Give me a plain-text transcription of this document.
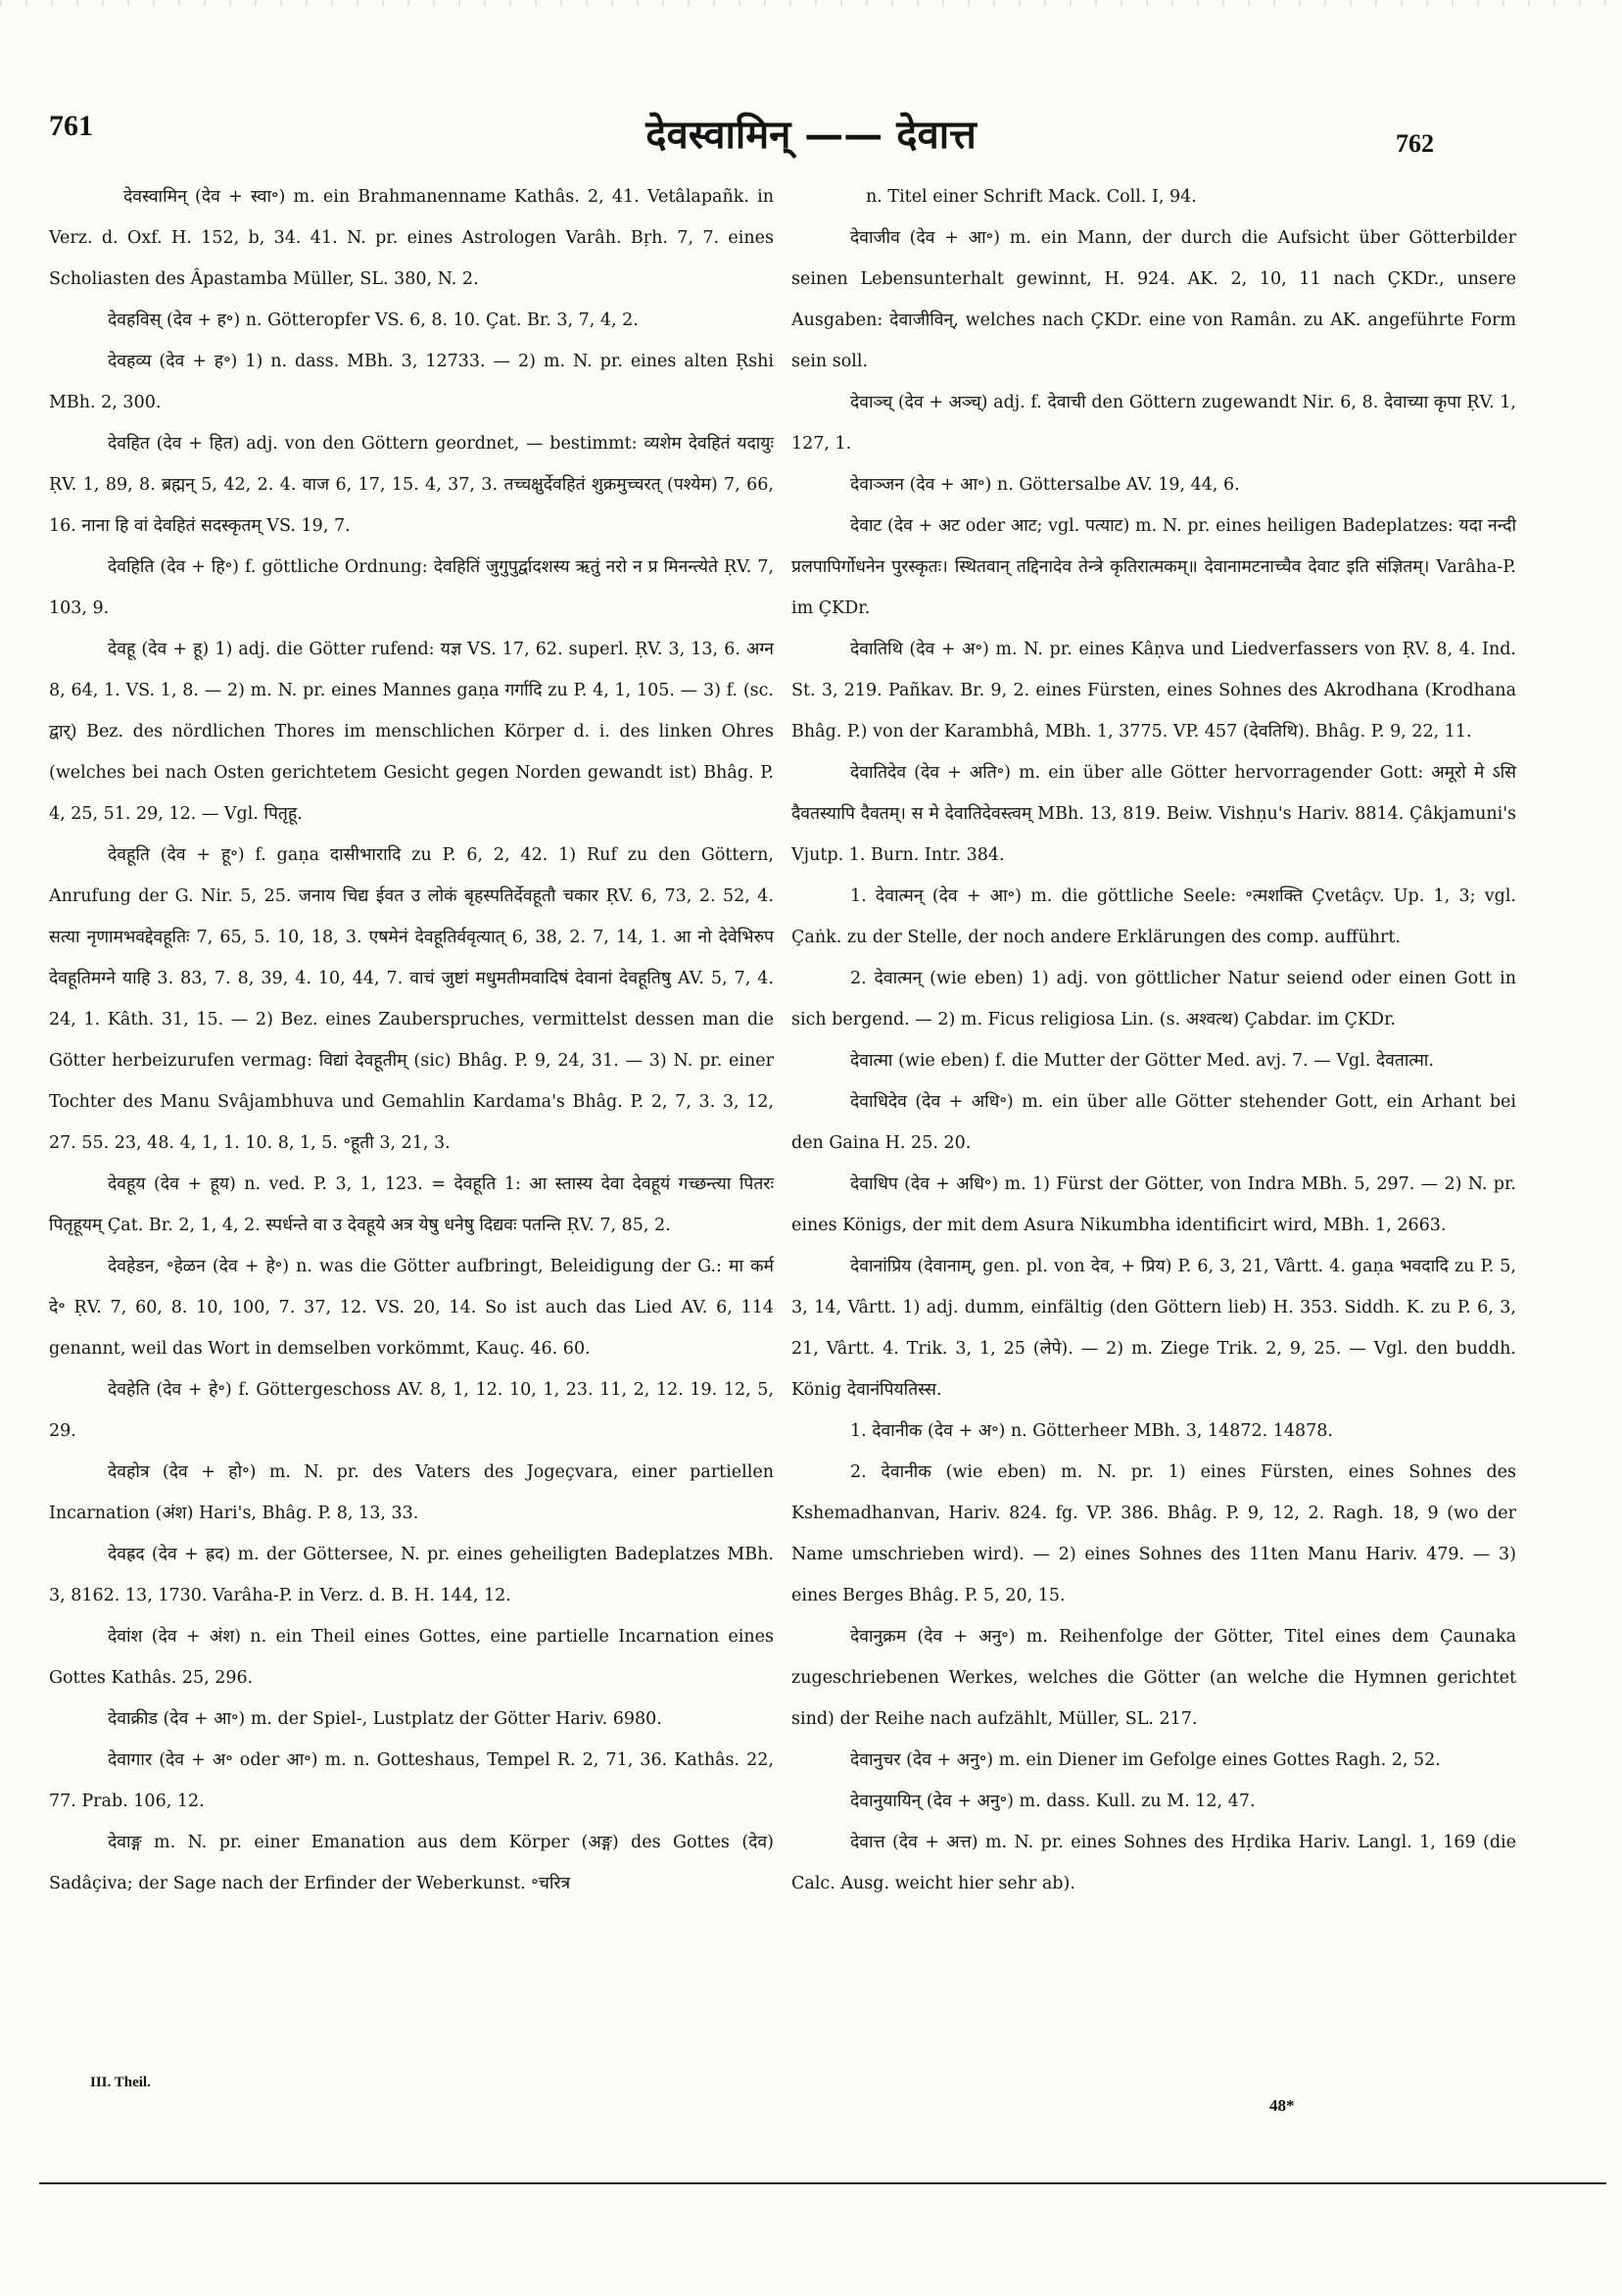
761	देवस्वामिन् —— देवात्त	762

देवस्वामिन् (देव + स्वा॰) m. ein Brahmanenname Kathâs. 2, 41. Vetâlapañk. in Verz. d. Oxf. H. 152, b, 34. 41. N. pr. eines Astrologen Varâh. Bṛh. 7, 7. eines Scholiasten des Âpastamba Müller, SL. 380, N. 2.

देवहविस् (देव + ह॰) n. Götteropfer VS. 6, 8. 10. Çat. Br. 3, 7, 4, 2.

देवहव्य (देव + ह॰) 1) n. dass. MBh. 3, 12733. — 2) m. N. pr. eines alten Ṛshi MBh. 2, 300.

देवहित (देव + हित) adj. von den Göttern geordnet, — bestimmt: व्यशेम देवहितं यदायुः ṚV. 1, 89, 8. ब्रह्मन् 5, 42, 2. 4. वाज 6, 17, 15. 4, 37, 3. तच्चक्षुर्देवहितं शुक्रमुच्चरत् (पश्येम) 7, 66, 16. नाना हि वां देवहितं सदस्कृतम् VS. 19, 7.

देवहिति (देव + हि॰) f. göttliche Ordnung: देवहितिं जुगुपुर्द्वादशस्य ऋतुं नरो न प्र मिनन्त्येते ṚV. 7, 103, 9.

देवहू (देव + हू) 1) adj. die Götter rufend: यज्ञ VS. 17, 62. superl. ṚV. 3, 13, 6. अग्न 8, 64, 1. VS. 1, 8. — 2) m. N. pr. eines Mannes gaṇa गर्गादि zu P. 4, 1, 105. — 3) f. (sc. द्वार्) Bez. des nördlichen Thores im menschlichen Körper d. i. des linken Ohres (welches bei nach Osten gerichtetem Gesicht gegen Norden gewandt ist) Bhâg. P. 4, 25, 51. 29, 12. — Vgl. पितृहू.

देवहूति (देव + हू॰) f. gaṇa दासीभारादि zu P. 6, 2, 42. 1) Ruf zu den Göttern, Anrufung der G. Nir. 5, 25. जनाय चिद्य ईवत उ लोकं बृहस्पतिर्देवहूतौ चकार ṚV. 6, 73, 2. 52, 4. सत्या नृणामभवद्देवहूतिः 7, 65, 5. 10, 18, 3. एषमेनं देवहूतिर्ववृत्यात् 6, 38, 2. 7, 14, 1. आ नो देवेभिरुप देवहूतिमग्ने याहि 3. 83, 7. 8, 39, 4. 10, 44, 7. वाचं जुष्टां मधुमतीमवादिषं देवानां देवहूतिषु AV. 5, 7, 4. 24, 1. Kâth. 31, 15. — 2) Bez. eines Zauberspruches, vermittelst dessen man die Götter herbeizurufen vermag: विद्यां देवहूतीम् (sic) Bhâg. P. 9, 24, 31. — 3) N. pr. einer Tochter des Manu Svâjambhuva und Gemahlin Kardama's Bhâg. P. 2, 7, 3. 3, 12, 27. 55. 23, 48. 4, 1, 1. 10. 8, 1, 5. ॰हूती 3, 21, 3.

देवहूय (देव + हूय) n. ved. P. 3, 1, 123. = देवहूति 1: आ स्तास्य देवा देवहूयं गच्छन्त्या पितरः पितृहूयम् Çat. Br. 2, 1, 4, 2. स्पर्धन्ते वा उ देवहूये अत्र येषु धनेषु दिद्यवः पतन्ति ṚV. 7, 85, 2.

देवहेडन, ॰हेळन (देव + हे॰) n. was die Götter aufbringt, Beleidigung der G.: मा कर्म दे॰ ṚV. 7, 60, 8. 10, 100, 7. 37, 12. VS. 20, 14. So ist auch das Lied AV. 6, 114 genannt, weil das Wort in demselben vorkömmt, Kauç. 46. 60.

देवहेति (देव + हे॰) f. Göttergeschoss AV. 8, 1, 12. 10, 1, 23. 11, 2, 12. 19. 12, 5, 29.

देवहोत्र (देव + हो॰) m. N. pr. des Vaters des Jogeçvara, einer partiellen Incarnation (अंश) Hari's, Bhâg. P. 8, 13, 33.

देवह्रद (देव + ह्रद) m. der Göttersee, N. pr. eines geheiligten Badeplatzes MBh. 3, 8162. 13, 1730. Varâha-P. in Verz. d. B. H. 144, 12.

देवांश (देव + अंश) n. ein Theil eines Gottes, eine partielle Incarnation eines Gottes Kathâs. 25, 296.

देवाक्रीड (देव + आ॰) m. der Spiel-, Lustplatz der Götter Hariv. 6980.

देवागार (देव + अ॰ oder आ॰) m. n. Gotteshaus, Tempel R. 2, 71, 36. Kathâs. 22, 77. Prab. 106, 12.

देवाङ्ग m. N. pr. einer Emanation aus dem Körper (अङ्ग) des Gottes (देव) Sadâçiva; der Sage nach der Erfinder der Weberkunst. ॰चरित्र

n. Titel einer Schrift Mack. Coll. I, 94.

देवाजीव (देव + आ॰) m. ein Mann, der durch die Aufsicht über Götterbilder seinen Lebensunterhalt gewinnt, H. 924. AK. 2, 10, 11 nach ÇKDr., unsere Ausgaben: देवाजीविन्, welches nach ÇKDr. eine von Ramân. zu AK. angeführte Form sein soll.

देवाञ्च् (देव + अञ्च्) adj. f. देवाची den Göttern zugewandt Nir. 6, 8. देवाच्या कृपा ṚV. 1, 127, 1.

देवाञ्जन (देव + आ॰) n. Göttersalbe AV. 19, 44, 6.

देवाट (देव + अट oder आट; vgl. पत्याट) m. N. pr. eines heiligen Badeplatzes: यदा नन्दी प्रलपापिर्गोधनेन पुरस्कृतः। स्थितवान् तद्दिनादेव तेन्त्रे कृतिरात्मकम्॥ देवानामटनाच्चैव देवाट इति संज्ञितम्। Varâha-P. im ÇKDr.

देवातिथि (देव + अ॰) m. N. pr. eines Kâṇva und Liedverfassers von ṚV. 8, 4. Ind. St. 3, 219. Pañkav. Br. 9, 2. eines Fürsten, eines Sohnes des Akrodhana (Krodhana Bhâg. P.) von der Karambhâ, MBh. 1, 3775. VP. 457 (देवतिथि). Bhâg. P. 9, 22, 11.

देवातिदेव (देव + अति॰) m. ein über alle Götter hervorragender Gott: अमूरो मे ऽसि दैवतस्यापि दैवतम्। स मे देवातिदेवस्त्वम् MBh. 13, 819. Beiw. Vishṇu's Hariv. 8814. Çâkjamuni's Vjutp. 1. Burn. Intr. 384.

1. देवात्मन् (देव + आ॰) m. die göttliche Seele: ॰त्मशक्ति Çvetâçv. Up. 1, 3; vgl. Çaṅk. zu der Stelle, der noch andere Erklärungen des comp. aufführt.

2. देवात्मन् (wie eben) 1) adj. von göttlicher Natur seiend oder einen Gott in sich bergend. — 2) m. Ficus religiosa Lin. (s. अश्वत्थ) Çabdar. im ÇKDr.

देवात्मा (wie eben) f. die Mutter der Götter Med. avj. 7. — Vgl. देवतात्मा.

देवाधिदेव (देव + अधि॰) m. ein über alle Götter stehender Gott, ein Arhant bei den Gaina H. 25. 20.

देवाधिप (देव + अधि॰) m. 1) Fürst der Götter, von Indra MBh. 5, 297. — 2) N. pr. eines Königs, der mit dem Asura Nikumbha identificirt wird, MBh. 1, 2663.

देवानांप्रिय (देवानाम्, gen. pl. von देव, + प्रिय) P. 6, 3, 21, Vârtt. 4. gaṇa भवदादि zu P. 5, 3, 14, Vârtt. 1) adj. dumm, einfältig (den Göttern lieb) H. 353. Siddh. K. zu P. 6, 3, 21, Vârtt. 4. Trik. 3, 1, 25 (लेपे). — 2) m. Ziege Trik. 2, 9, 25. — Vgl. den buddh. König देवानंपियतिस्स.

1. देवानीक (देव + अ॰) n. Götterheer MBh. 3, 14872. 14878.

2. देवानीक (wie eben) m. N. pr. 1) eines Fürsten, eines Sohnes des Kshemadhanvan, Hariv. 824. fg. VP. 386. Bhâg. P. 9, 12, 2. Ragh. 18, 9 (wo der Name umschrieben wird). — 2) eines Sohnes des 11ten Manu Hariv. 479. — 3) eines Berges Bhâg. P. 5, 20, 15.

देवानुक्रम (देव + अनु॰) m. Reihenfolge der Götter, Titel eines dem Çaunaka zugeschriebenen Werkes, welches die Götter (an welche die Hymnen gerichtet sind) der Reihe nach aufzählt, Müller, SL. 217.

देवानुचर (देव + अनु॰) m. ein Diener im Gefolge eines Gottes Ragh. 2, 52.

देवानुयायिन् (देव + अनु॰) m. dass. Kull. zu M. 12, 47.

देवात्त (देव + अत्त) m. N. pr. eines Sohnes des Hṛdika Hariv. Langl. 1, 169 (die Calc. Ausg. weicht hier sehr ab).

III. Theil.
48*
